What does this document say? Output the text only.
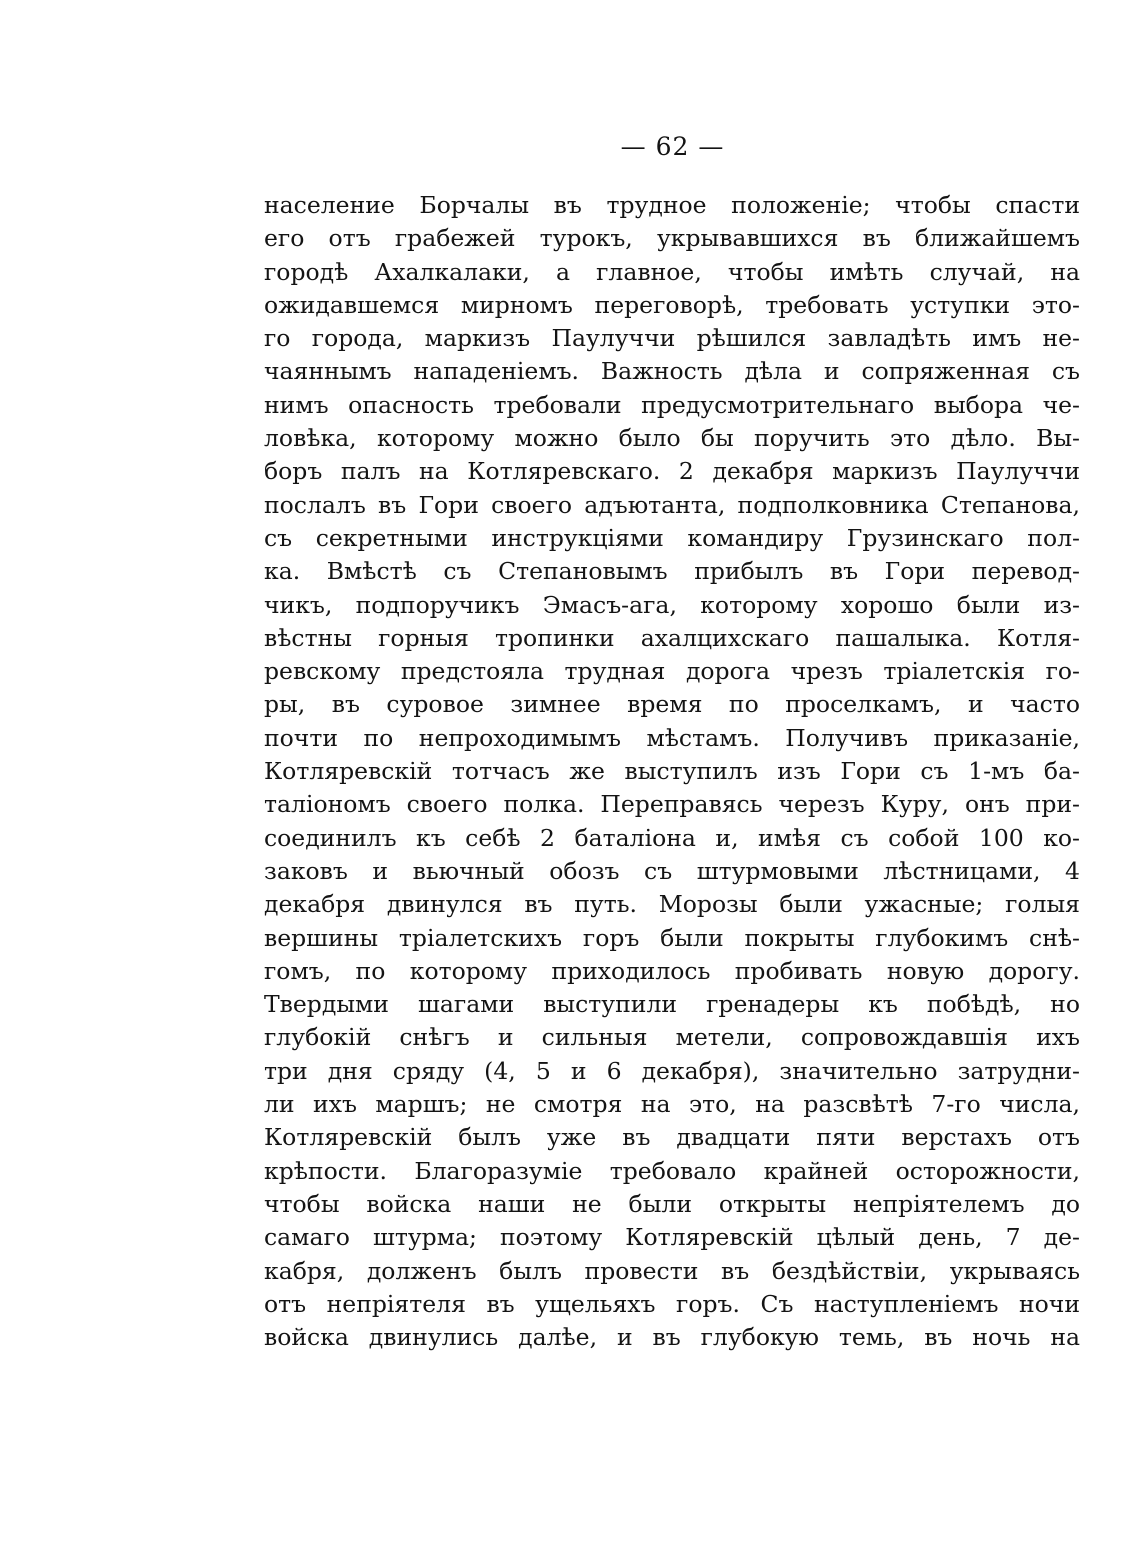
— 62 —
население Борчалы въ трудное положеніе; чтобы спасти
его отъ грабежей турокъ, укрывавшихся въ ближайшемъ
городѣ Ахалкалаки, а главное, чтобы имѣть случай, на
ожидавшемся мирномъ переговорѣ, требовать уступки это-
го города, маркизъ Паулуччи рѣшился завладѣть имъ не-
чаяннымъ нападеніемъ. Важность дѣла и сопряженная съ
нимъ опасность требовали предусмотрительнаго выбора че-
ловѣка, которому можно было бы поручить это дѣло. Вы-
боръ палъ на Котляревскаго. 2 декабря маркизъ Паулуччи
послалъ въ Гори своего адъютанта, подполковника Степанова,
съ секретными инструкціями командиру Грузинскаго пол-
ка. Вмѣстѣ съ Степановымъ прибылъ въ Гори перевод-
чикъ, подпоручикъ Эмасъ-ага, которому хорошо были из-
вѣстны горныя тропинки ахалцихскаго пашалыка. Котля-
ревскому предстояла трудная дорога чрезъ тріалетскія го-
ры, въ суровое зимнее время по проселкамъ, и часто
почти по непроходимымъ мѣстамъ. Получивъ приказаніе,
Котляревскій тотчасъ же выступилъ изъ Гори съ 1-мъ ба-
таліономъ своего полка. Переправясь черезъ Куру, онъ при-
соединилъ къ себѣ 2 баталіона и, имѣя съ собой 100 ко-
заковъ и вьючный обозъ съ штурмовыми лѣстницами, 4
декабря двинулся въ путь. Морозы были ужасные; голыя
вершины тріалетскихъ горъ были покрыты глубокимъ снѣ-
гомъ, по которому приходилось пробивать новую дорогу.
Твердыми шагами выступили гренадеры къ побѣдѣ, но
глубокій снѣгъ и сильныя метели, сопровождавшія ихъ
три дня сряду (4, 5 и 6 декабря), значительно затрудни-
ли ихъ маршъ; не смотря на это, на разсвѣтѣ 7-го числа,
Котляревскій былъ уже въ двадцати пяти верстахъ отъ
крѣпости. Благоразуміе требовало крайней осторожности,
чтобы войска наши не были открыты непріятелемъ до
самаго штурма; поэтому Котляревскій цѣлый день, 7 де-
кабря, долженъ былъ провести въ бездѣйствіи, укрываясь
отъ непріятеля въ ущельяхъ горъ. Съ наступленіемъ ночи
войска двинулись далѣе, и въ глубокую темь, въ ночь на
